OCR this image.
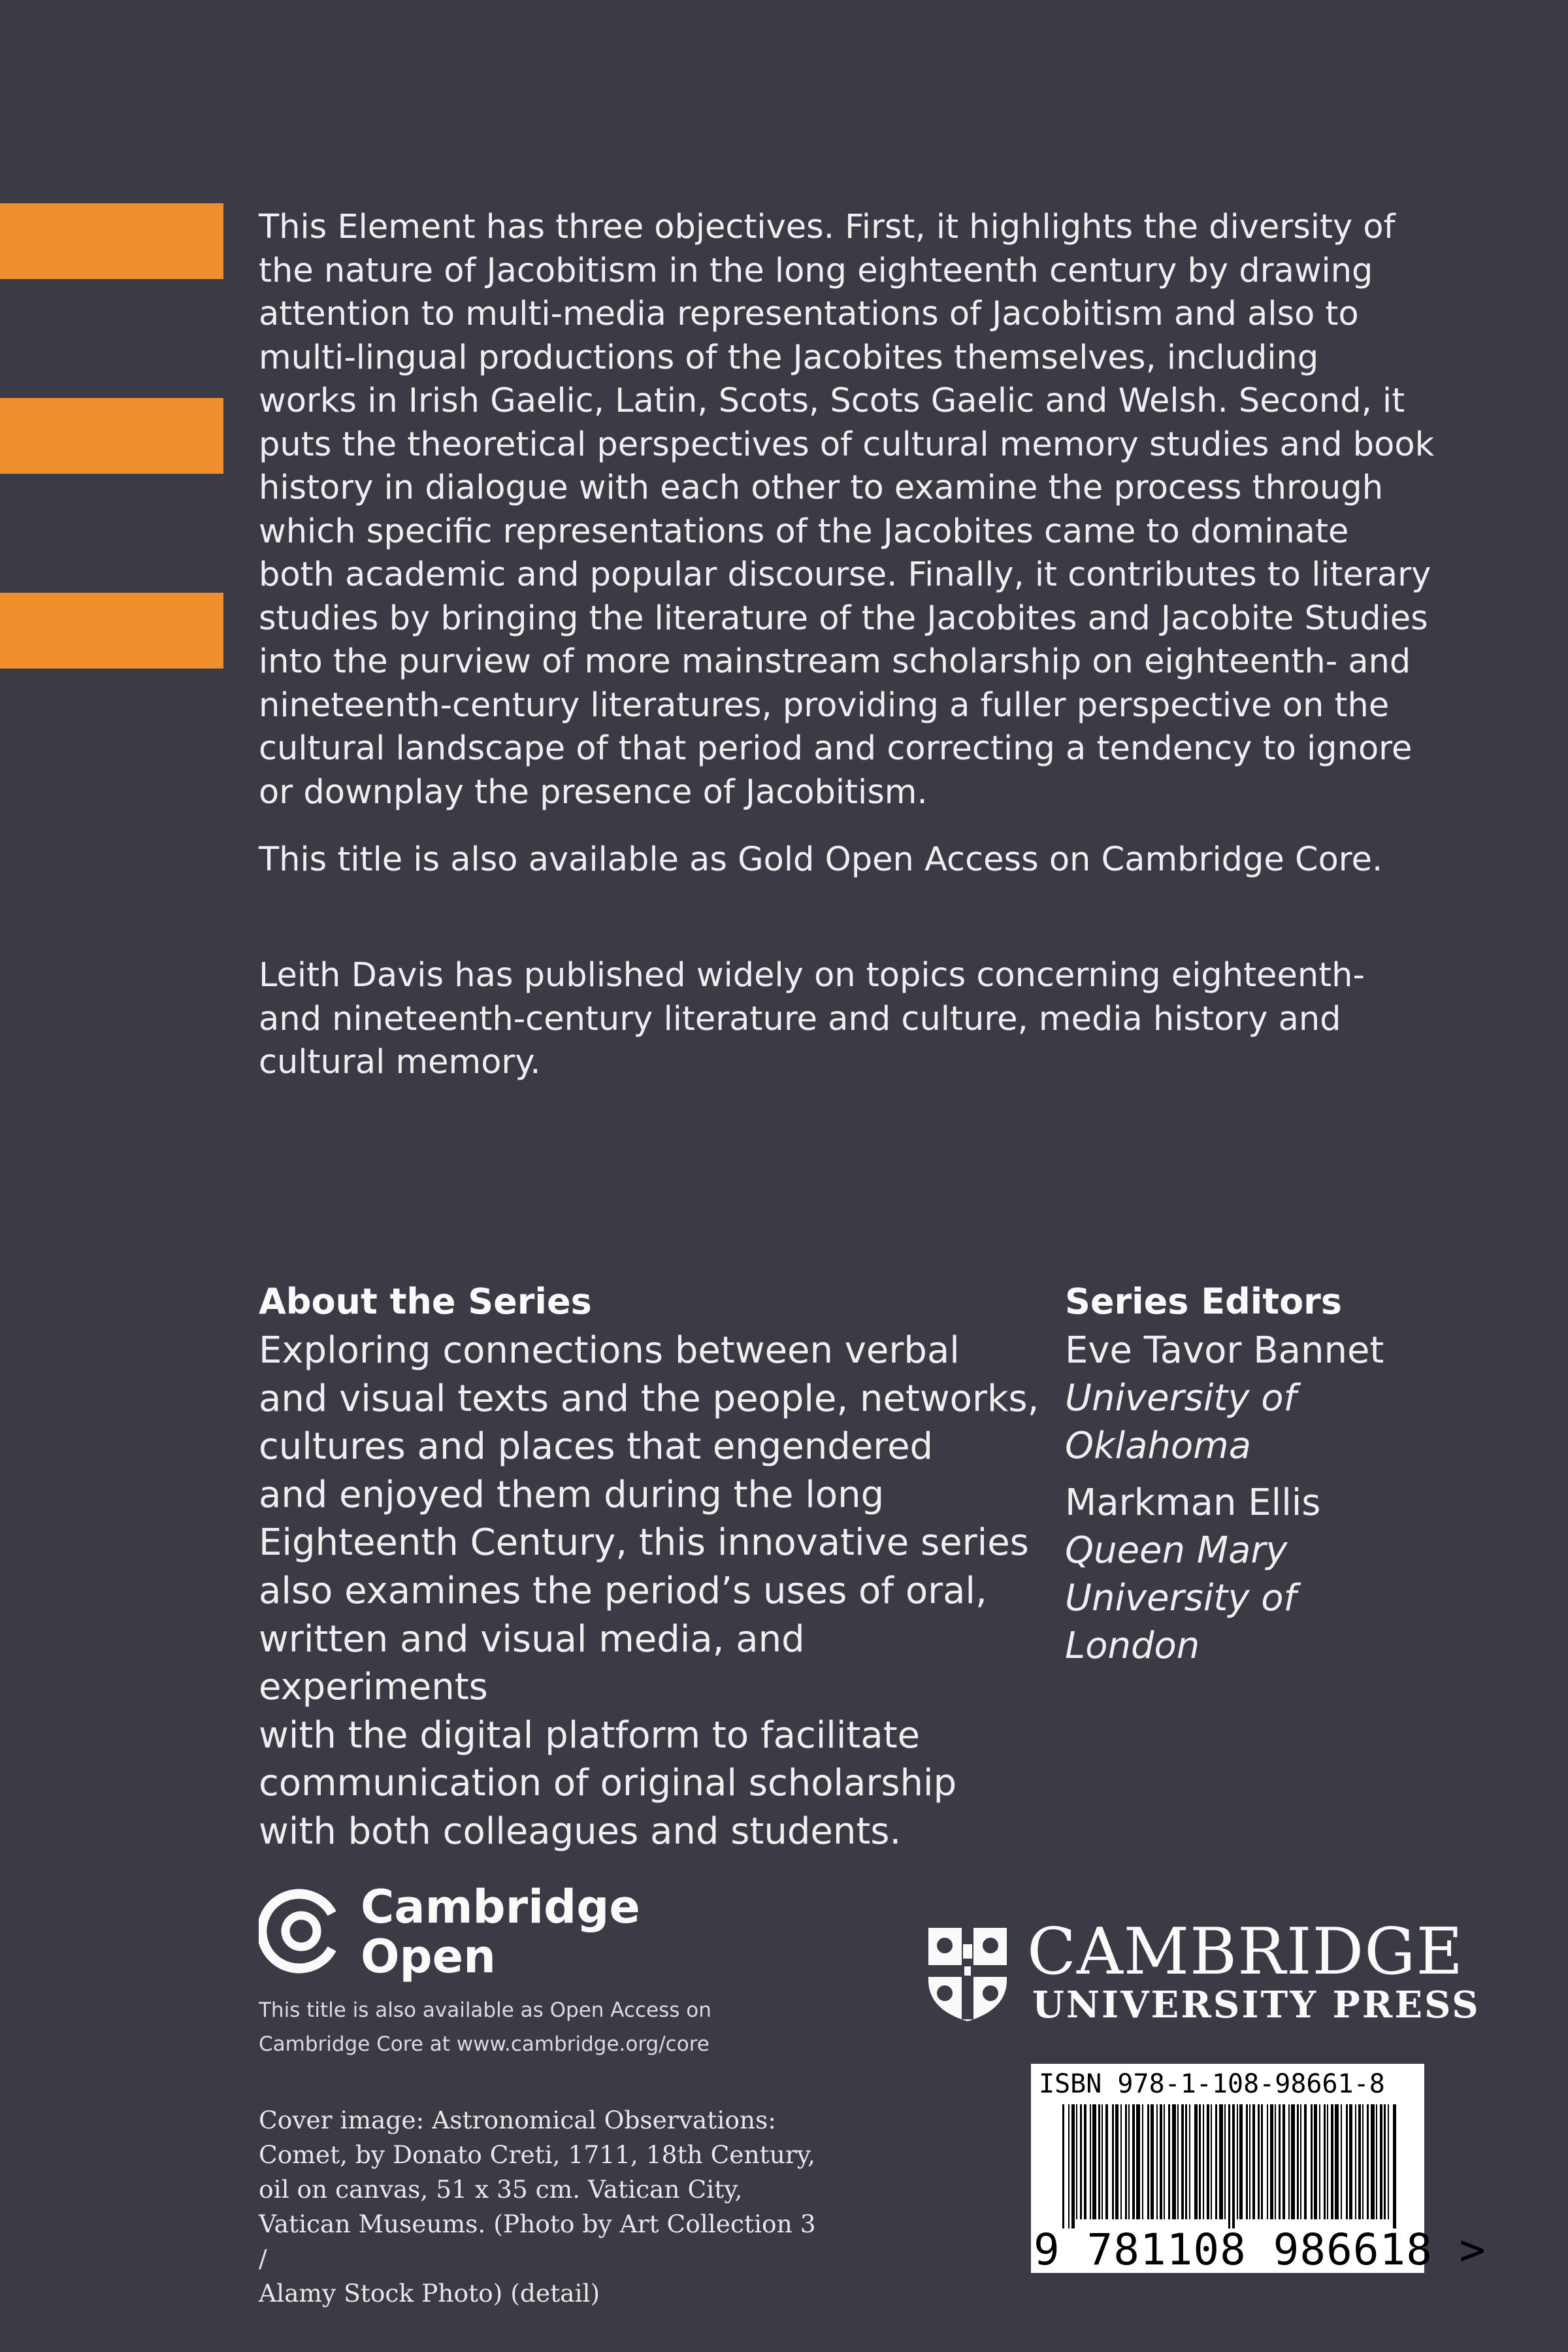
This Element has three objectives. First, it highlights the diversity of
the nature of Jacobitism in the long eighteenth century by drawing
attention to multi-media representations of Jacobitism and also to
multi-lingual productions of the Jacobites themselves, including
works in Irish Gaelic, Latin, Scots, Scots Gaelic and Welsh. Second, it
puts the theoretical perspectives of cultural memory studies and book
history in dialogue with each other to examine the process through
which specific representations of the Jacobites came to dominate
both academic and popular discourse. Finally, it contributes to literary
studies by bringing the literature of the Jacobites and Jacobite Studies
into the purview of more mainstream scholarship on eighteenth- and
nineteenth-century literatures, providing a fuller perspective on the
cultural landscape of that period and correcting a tendency to ignore
or downplay the presence of Jacobitism.

This title is also available as Gold Open Access on Cambridge Core.

Leith Davis has published widely on topics concerning eighteenth-
and nineteenth-century literature and culture, media history and
cultural memory.

About the Series

Exploring connections between verbal
and visual texts and the people, networks,
cultures and places that engendered
and enjoyed them during the long
Eighteenth Century, this innovative series
also examines the period’s uses of oral,
written and visual media, and experiments
with the digital platform to facilitate
communication of original scholarship
with both colleagues and students.

Series Editors

Eve Tavor Bannet

University of

Oklahoma

Markman Ellis

Queen Mary

University of

London

Cambridge
Open
This title is also available as Open Access on
Cambridge Core at www.cambridge.org/core
Cover image: Astronomical Observations:
Comet, by Donato Creti, 1711, 18th Century,
oil on canvas, 51 x 35 cm. Vatican City,
Vatican Museums. (Photo by Art Collection 3 /
Alamy Stock Photo) (detail)
CAMBRIDGE
UNIVERSITY PRESS
ISBN 978-1-108-98661-8
9 781108 986618 >
